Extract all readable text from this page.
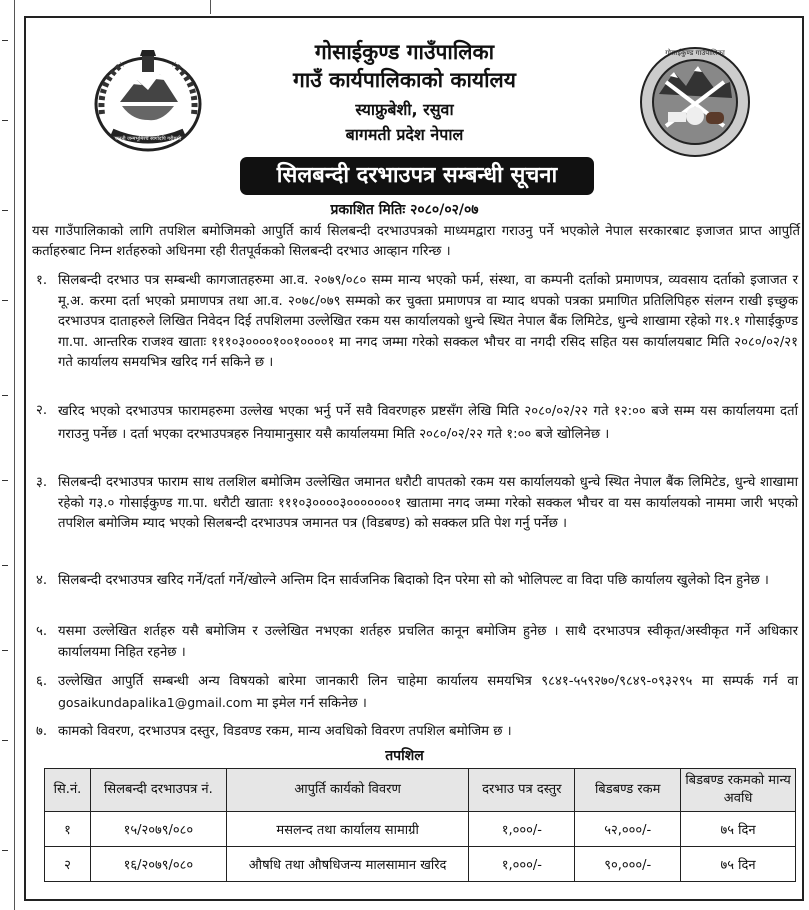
जननी जन्मभूमिश्च स्वर्गादपि गरीयसी
गोसाईकुण्ड गाउँपालिका
गोसाईकुण्ड गाउँपालिका
गाउँ कार्यपालिकाको कार्यालय
स्याफ्रुबेशी, रसुवा
बागमती प्रदेश नेपाल
सिलबन्दी दरभाउपत्र सम्बन्धी सूचना
प्रकाशित मितिः २०८०/०२/०७
यस गाउँपालिकाको लागि तपशिल बमोजिमको आपुर्ति कार्य सिलबन्दी दरभाउपत्रको माध्यमद्वारा गराउनु पर्ने भएकोले नेपाल सरकारबाट इजाजत प्राप्त आपुर्ति कर्ताहरुबाट निम्न शर्तहरुको अधिनमा रही रीतपूर्वकको सिलबन्दी दरभाउ आव्हान गरिन्छ ।
१. सिलबन्दी दरभाउ पत्र सम्बन्धी कागजातहरुमा आ.व. २०७९/०८० सम्म मान्य भएको फर्म, संस्था, वा कम्पनी दर्ताको प्रमाणपत्र, व्यवसाय दर्ताको इजाजत र मू.अ. करमा दर्ता भएको प्रमाणपत्र तथा आ.व. २०७८/०७९ सम्मको कर चुक्ता प्रमाणपत्र वा म्याद थपको पत्रका प्रमाणित प्रतिलिपिहरु संलग्न राखी इच्छुक दरभाउपत्र दाताहरुले लिखित निवेदन दिई तपशिलमा उल्लेखित रकम यस कार्यालयको धुन्चे स्थित नेपाल बैंक लिमिटेड, धुन्चे शाखामा रहेको ग१.१ गोसाईकुण्ड गा.पा. आन्तरिक राजश्व खाताः १११०३००००१००१००००१ मा नगद जम्मा गरेको सक्कल भौचर वा नगदी रसिद सहित यस कार्यालयबाट मिति २०८०/०२/२१ गते कार्यालय समयभित्र खरिद गर्न सकिने छ ।
२. खरिद भएको दरभाउपत्र फारामहरुमा उल्लेख भएका भर्नु पर्ने सवै विवरणहरु प्रष्टसँग लेखि मिति २०८०/०२/२२ गते १२:०० बजे सम्म यस कार्यालयमा दर्ता गराउनु पर्नेछ । दर्ता भएका दरभाउपत्रहरु नियामानुसार यसै कार्यालयमा मिति २०८०/०२/२२ गते १:०० बजे खोलिनेछ ।
३. सिलबन्दी दरभाउपत्र फाराम साथ तलशिल बमोजिम उल्लेखित जमानत धरौटी वापतको रकम यस कार्यालयको धुन्चे स्थित नेपाल बैंक लिमिटेड, धुन्चे शाखामा रहेको ग३.० गोसाईकुण्ड गा.पा. धरौटी खाताः १११०३००००३०००००००१ खातामा नगद जम्मा गरेको सक्कल भौचर वा यस कार्यालयको नाममा जारी भएको तपशिल बमोजिम म्याद भएको सिलबन्दी दरभाउपत्र जमानत पत्र (विडबण्ड) को सक्कल प्रति पेश गर्नु पर्नेछ ।
४. सिलबन्दी दरभाउपत्र खरिद गर्ने/दर्ता गर्ने/खोल्ने अन्तिम दिन सार्वजनिक बिदाको दिन परेमा सो को भोलिपल्ट वा विदा पछि कार्यालय खुलेको दिन हुनेछ ।
५. यसमा उल्लेखित शर्तहरु यसै बमोजिम र उल्लेखित नभएका शर्तहरु प्रचलित कानून बमोजिम हुनेछ । साथै दरभाउपत्र स्वीकृत/अस्वीकृत गर्ने अधिकार कार्यालयमा निहित रहनेछ ।
६. उल्लेखित आपुर्ति सम्बन्धी अन्य विषयको बारेमा जानकारी लिन चाहेमा कार्यालय समयभित्र ९८४१-५५९२७०/९८४९-०९३२९५ मा सम्पर्क गर्न वा gosaikundapalika1@gmail.com मा इमेल गर्न सकिनेछ ।
७. कामको विवरण, दरभाउपत्र दस्तुर, विडवण्ड रकम, मान्य अवधिको विवरण तपशिल बमोजिम छ ।
तपशिल
सि.नं.	सिलबन्दी दरभाउपत्र नं.	आपुर्ति कार्यको विवरण	दरभाउ पत्र दस्तुर	बिडबण्ड रकम	बिडबण्ड रकमको मान्य अवधि
१	१५/२०७९/०८०	मसलन्द तथा कार्यालय सामाग्री	१,०००/-	५२,०००/-	७५ दिन
२	१६/२०७९/०८०	औषधि तथा औषधिजन्य मालसामान खरिद	१,०००/-	९०,०००/-	७५ दिन
